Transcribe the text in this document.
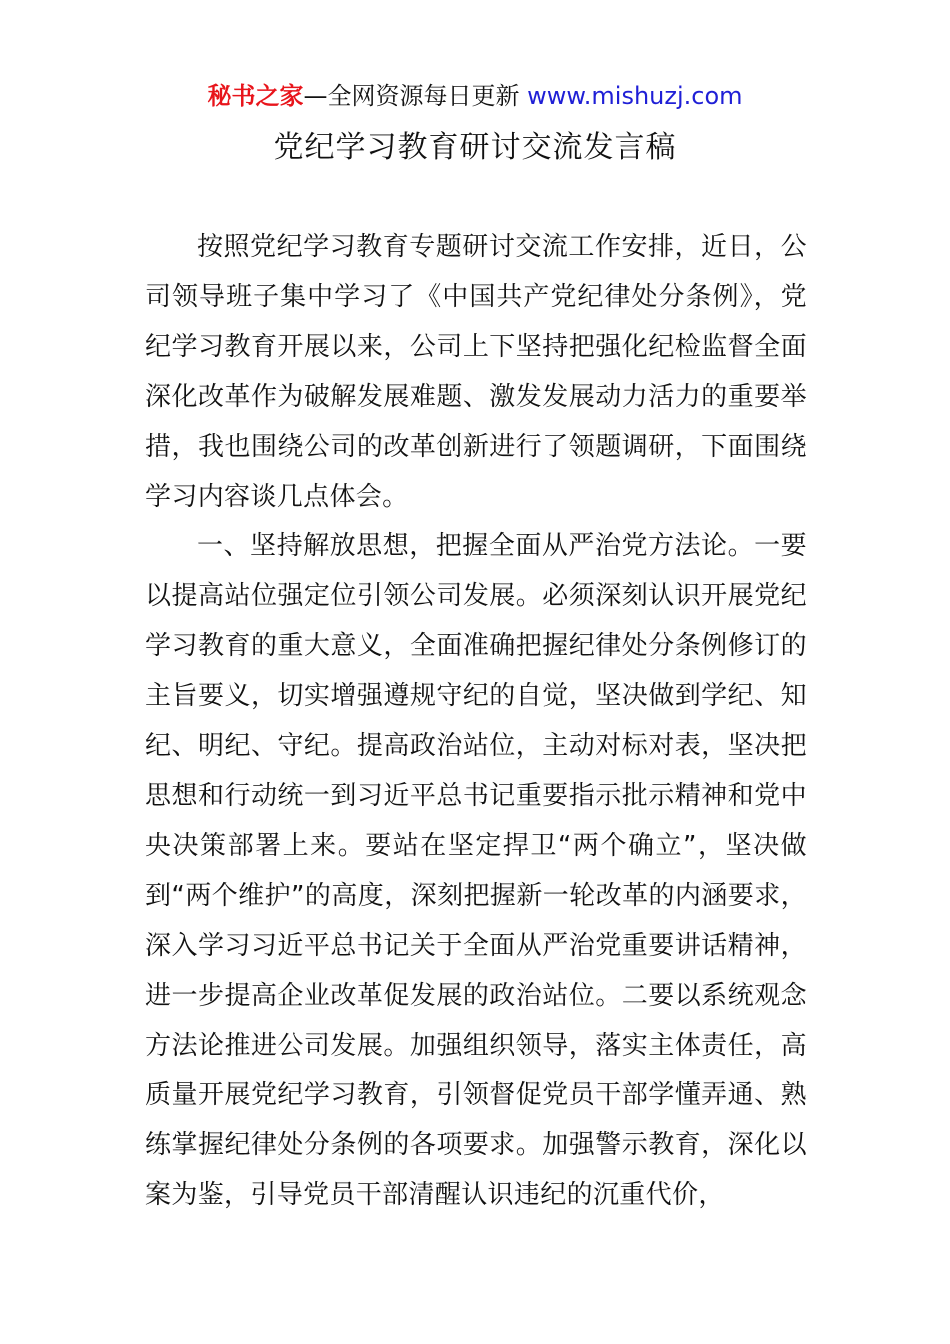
秘书之家—全网资源每日更新 www.mishuzj.com
党纪学习教育研讨交流发言稿

按照党纪学习教育专题研讨交流工作安排，近日，公司领导班子集中学习了《中国共产党纪律处分条例》，党纪学习教育开展以来，公司上下坚持把强化纪检监督全面深化改革作为破解发展难题、激发发展动力活力的重要举措，我也围绕公司的改革创新进行了领题调研，下面围绕学习内容谈几点体会。

一、坚持解放思想，把握全面从严治党方法论。一要以提高站位强定位引领公司发展。必须深刻认识开展党纪学习教育的重大意义，全面准确把握纪律处分条例修订的主旨要义，切实增强遵规守纪的自觉，坚决做到学纪、知纪、明纪、守纪。提高政治站位，主动对标对表，坚决把思想和行动统一到习近平总书记重要指示批示精神和党中央决策部署上来。要站在坚定捍卫“两个确立”，坚决做到“两个维护”的高度，深刻把握新一轮改革的内涵要求，深入学习习近平总书记关于全面从严治党重要讲话精神，进一步提高企业改革促发展的政治站位。二要以系统观念方法论推进公司发展。加强组织领导，落实主体责任，高质量开展党纪学习教育，引领督促党员干部学懂弄通、熟练掌握纪律处分条例的各项要求。加强警示教育，深化以案为鉴，引导党员干部清醒认识违纪的沉重代价，
